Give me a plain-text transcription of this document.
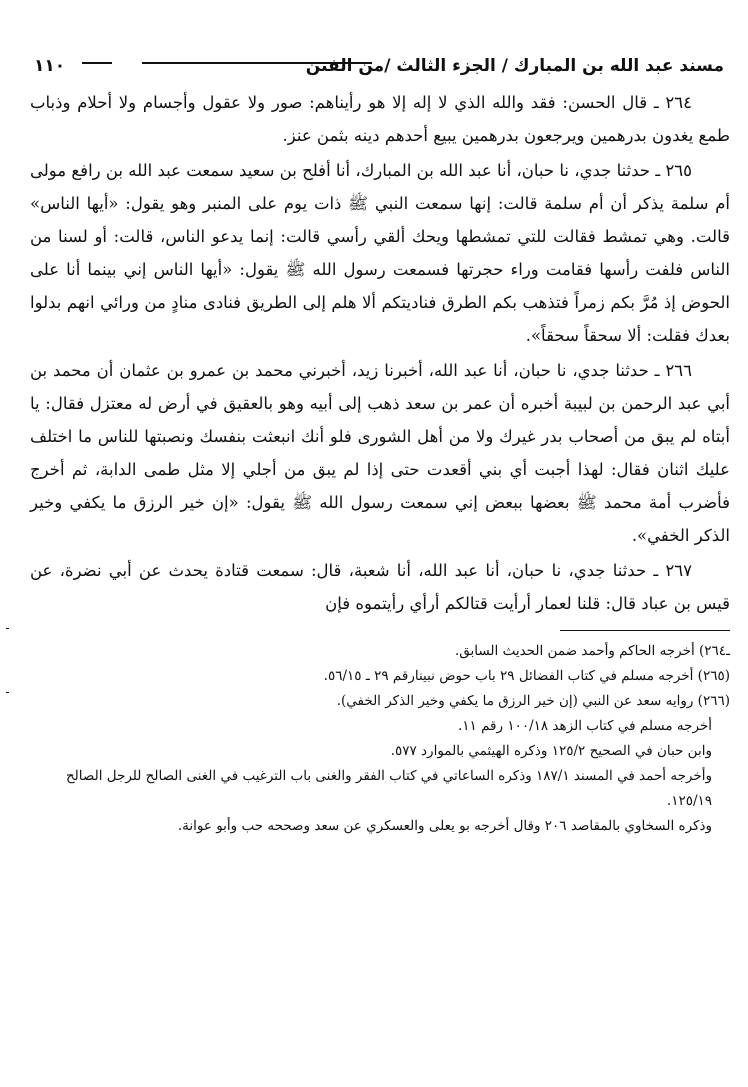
١١٠	مسند عبد الله بن المبارك / الجزء الثالث /من الفتن

٢٦٤ ـ قال الحسن: فقد والله الذي لا إله إلا هو رأيناهم: صور ولا عقول وأجسام ولا أحلام وذباب طمع يغدون بدرهمين ويرجعون بدرهمين يبيع أحدهم دينه بثمن عنز.

٢٦٥ ـ حدثنا جدي، نا حبان، أنا عبد الله بن المبارك، أنا أفلح بن سعيد سمعت عبد الله بن رافع مولى أم سلمة يذكر أن أم سلمة قالت: إنها سمعت النبي ﷺ ذات يوم على المنبر وهو يقول: «أيها الناس» قالت. وهي تمشط فقالت للتي تمشطها ويحك ألقي رأسي قالت: إنما يدعو الناس، قالت: أو لسنا من الناس فلفت رأسها فقامت وراء حجرتها فسمعت رسول الله ﷺ يقول: «أيها الناس إني بينما أنا على الحوض إذ مُرَّ بكم زمراً فتذهب بكم الطرق فناديتكم ألا هلم إلى الطريق فنادى منادٍ من ورائي انهم بدلوا بعدك فقلت: ألا سحقاً سحقاً».

٢٦٦ ـ حدثنا جدي، نا حبان، أنا عبد الله، أخبرنا زيد، أخبرني محمد بن عمرو بن عثمان أن محمد بن أبي عبد الرحمن بن لبيبة أخبره أن عمر بن سعد ذهب إلى أبيه وهو بالعقيق في أرض له معتزل فقال: يا أبتاه لم يبق من أصحاب بدر غيرك ولا من أهل الشورى فلو أنك انبعثت بنفسك ونصبتها للناس ما اختلف عليك اثنان فقال: لهذا أجبت أي بني أقعدت حتى إذا لم يبق من أجلي إلا مثل طمى الدابة، ثم أخرج فأضرب أمة محمد ﷺ بعضها ببعض إني سمعت رسول الله ﷺ يقول: «إن خير الرزق ما يكفي وخير الذكر الخفي».

٢٦٧ ـ حدثنا جدي، نا حبان، أنا عبد الله، أنا شعبة، قال: سمعت قتادة يحدث عن أبي نضرة، عن قيس بن عباد قال: قلنا لعمار أرأيت قتالكم أرأي رأيتموه فإن

ـ٢٦٤) أخرجه الحاكم وأحمد ضمن الحديث السابق.

(٢٦٥) أخرجه مسلم في كتاب الفضائل ٢٩ باب حوض نبينارقم ٢٩ ـ ٥٦/١٥.

(٢٦٦) روايه سعد عن النبي (إن خير الرزق ما يكفي وخير الذكر الخفي).

أخرجه مسلم في كتاب الزهد ١٠٠/١٨ رقم ١١.

وابن حبان في الصحيح ١٢٥/٢ وذكره الهيثمي بالموارد ٥٧٧.

وأخرجه أحمد في المسند ١٨٧/١ وذكره الساعاتي في كتاب الفقر والغنى باب الترغيب في الغنى الصالح للرجل الصالح ١٢٥/١٩.

وذكره السخاوي بالمقاصد ٢٠٦ وقال أخرجه بو يعلى والعسكري عن سعد وصححه حب وأبو عوانة.
